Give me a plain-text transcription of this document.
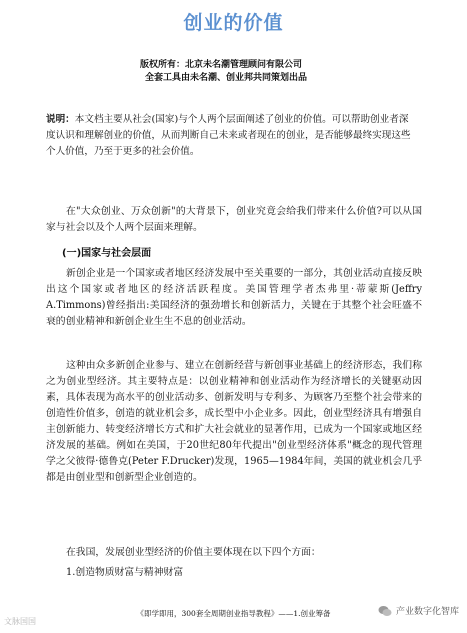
创业的价值
版权所有：北京未名潮管理顾问有限公司
全套工具由未名潮、创业邦共同策划出品
说明：本文档主要从社会(国家)与个人两个层面阐述了创业的价值。可以帮助创业者深度认识和理解创业的价值，从而判断自己未来或者现在的创业，是否能够最终实现这些个人价值，乃至于更多的社会价值。
在"大众创业、万众创新"的大背景下，创业究竟会给我们带来什么价值?可以从国家与社会以及个人两个层面来理解。
(一)国家与社会层面
新创企业是一个国家或者地区经济发展中至关重要的一部分，其创业活动直接反映出这个国家或者地区的经济活跃程度。美国管理学者杰弗里·蒂蒙斯(Jeffry A.Timmons)曾经指出:美国经济的强劲增长和创新活力，关键在于其整个社会旺盛不衰的创业精神和新创企业生生不息的创业活动。
这种由众多新创企业参与、建立在创新经营与新创事业基础上的经济形态，我们称之为创业型经济。其主要特点是：以创业精神和创业活动作为经济增长的关键驱动因素，具体表现为高水平的创业活动多、创新发明与专利多、为顾客乃至整个社会带来的创造性价值多，创造的就业机会多，成长型中小企业多。因此，创业型经济具有增强自主创新能力、转变经济增长方式和扩大社会就业的显著作用，已成为一个国家或地区经济发展的基础。例如在美国，于20世纪80年代提出"创业型经济体系"概念的现代管理学之父彼得·德鲁克(Peter F.Drucker)发现，1965—1984年间，美国的就业机会几乎都是由创业型和创新型企业创造的。
在我国，发展创业型经济的价值主要体现在以下四个方面：
1.创造物质财富与精神财富
《即学即用，300套全周期创业指导教程》——1.创业筹备
文脉国国
产业数字化智库
